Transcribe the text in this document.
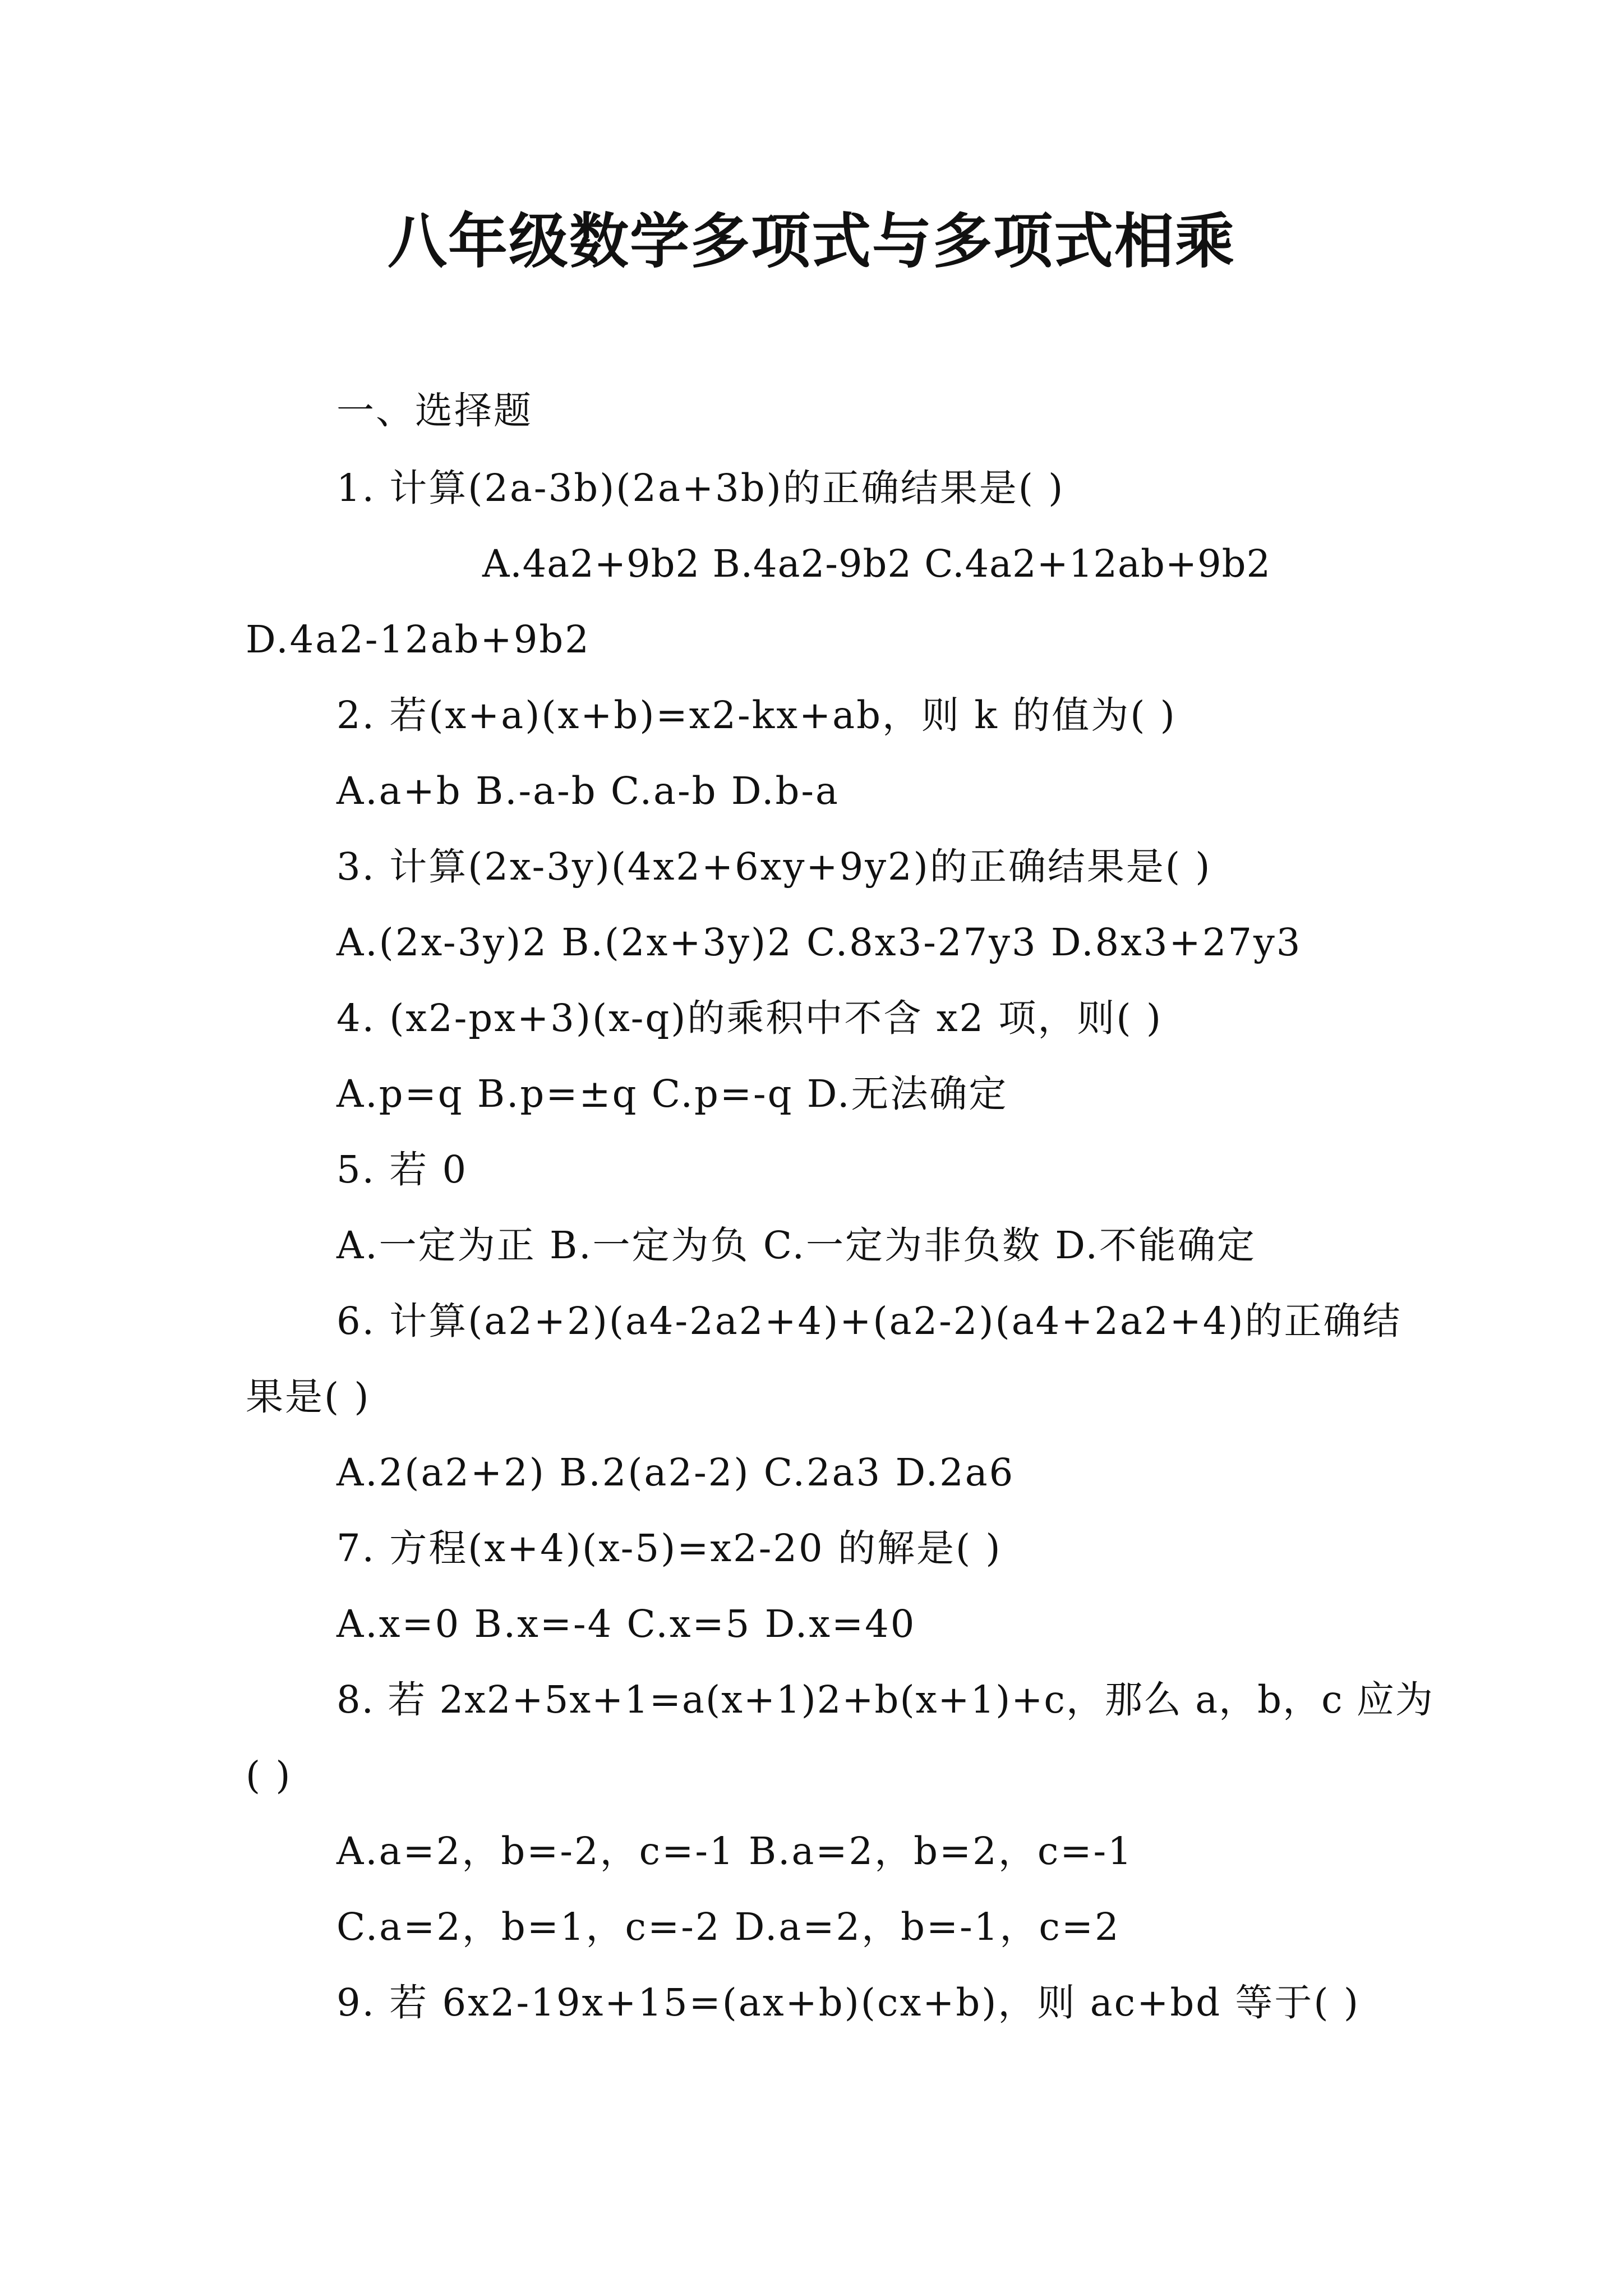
八年级数学多项式与多项式相乘
一、选择题
1. 计算(2a-3b)(2a+3b)的正确结果是( )
A.4a2+9b2 B.4a2-9b2 C.4a2+12ab+9b2
D.4a2-12ab+9b2
2. 若(x+a)(x+b)=x2-kx+ab，则 k 的值为( )
A.a+b B.-a-b C.a-b D.b-a
3. 计算(2x-3y)(4x2+6xy+9y2)的正确结果是( )
A.(2x-3y)2 B.(2x+3y)2 C.8x3-27y3 D.8x3+27y3
4. (x2-px+3)(x-q)的乘积中不含 x2 项，则( )
A.p=q B.p=±q C.p=-q D.无法确定
5. 若 0
A.一定为正 B.一定为负 C.一定为非负数 D.不能确定
6. 计算(a2+2)(a4-2a2+4)+(a2-2)(a4+2a2+4)的正确结
果是( )
A.2(a2+2) B.2(a2-2) C.2a3 D.2a6
7. 方程(x+4)(x-5)=x2-20 的解是( )
A.x=0 B.x=-4 C.x=5 D.x=40
8. 若 2x2+5x+1=a(x+1)2+b(x+1)+c，那么 a，b，c 应为
( )
A.a=2，b=-2，c=-1 B.a=2，b=2，c=-1
C.a=2，b=1，c=-2 D.a=2，b=-1，c=2
9. 若 6x2-19x+15=(ax+b)(cx+b)，则 ac+bd 等于( )
